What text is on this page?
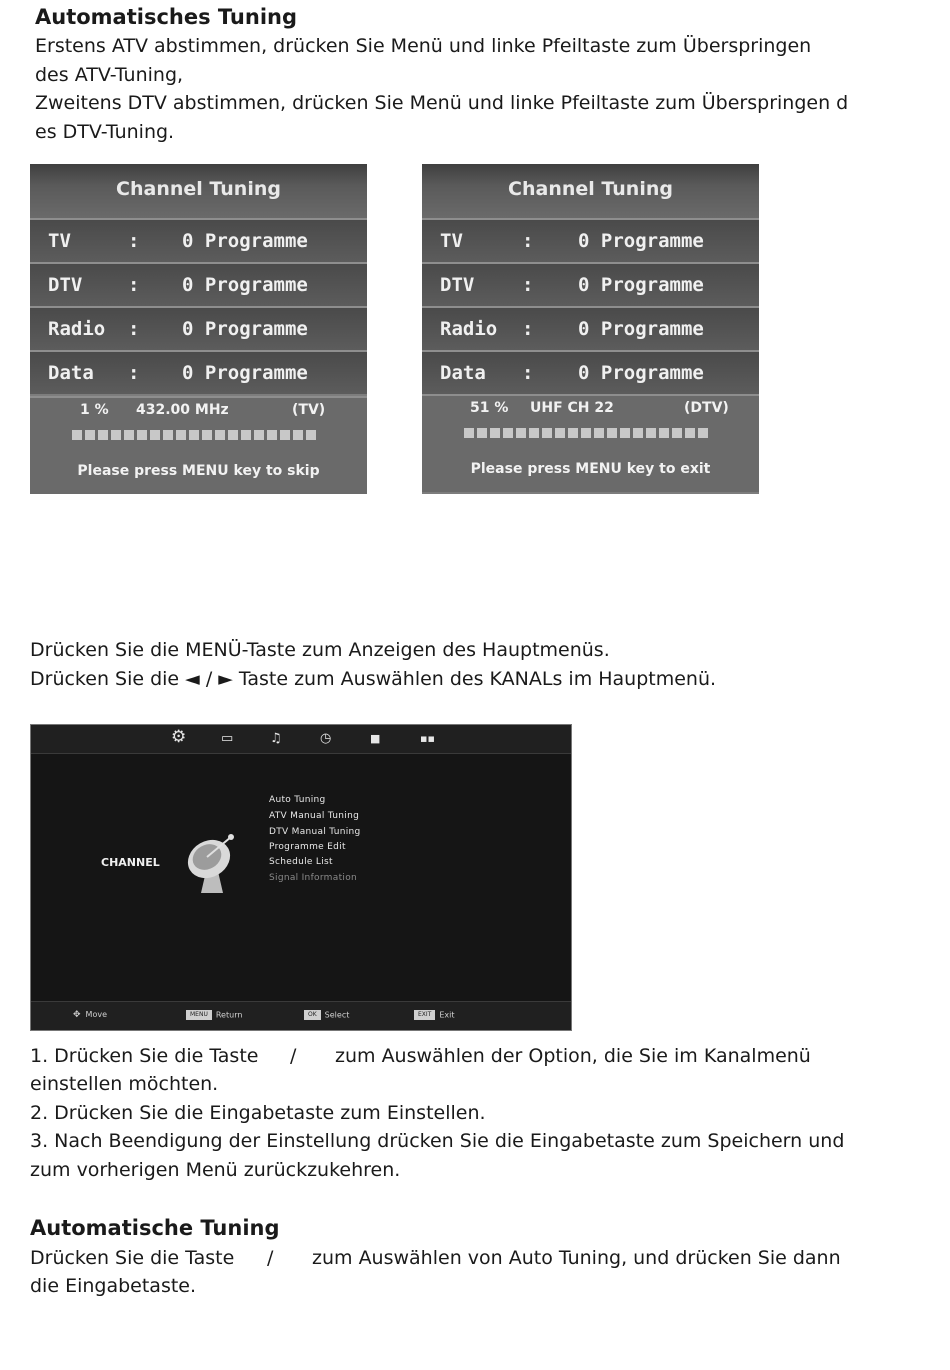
Automatisches Tuning
Erstens ATV abstimmen, drücken Sie Menü und linke Pfeiltaste zum Überspringen
des ATV-Tuning,
Zweitens DTV abstimmen, drücken Sie Menü und linke Pfeiltaste zum Überspringen d
es DTV-Tuning.
Channel Tuning
TV	: 0 Programme
DTV : 0 Programme
Radio : 0 Programme
Data : 0 Programme
1 % 432.00 MHz	(TV)
Please press MENU key to skip
Channel Tuning
TV	: 0 Programme
DTV	: 0 Programme
Radio : 0 Programme
Data : 0 Programme
51 % UHF CH 22	(DTV)
Please press MENU key to exit
Drücken Sie die MENÜ-Taste zum Anzeigen des Hauptmenüs.
Drücken Sie die ◄ / ► Taste zum Auswählen des KANALs im Hauptmenü.
⚙	▭	♫	◷	■	▪▪
CHANNEL
Auto Tuning
ATV Manual Tuning
DTV Manual Tuning
Programme Edit
Schedule List
Signal Information
✥ Move	MENU Return	OK Select	EXIT Exit
1. Drücken Sie die Taste / zum Auswählen der Option, die Sie im Kanalmenü
einstellen möchten.
2. Drücken Sie die Eingabetaste zum Einstellen.
3. Nach Beendigung der Einstellung drücken Sie die Eingabetaste zum Speichern und
zum vorherigen Menü zurückzukehren.
Automatische Tuning
Drücken Sie die Taste / zum Auswählen von Auto Tuning, und drücken Sie dann
die Eingabetaste.
